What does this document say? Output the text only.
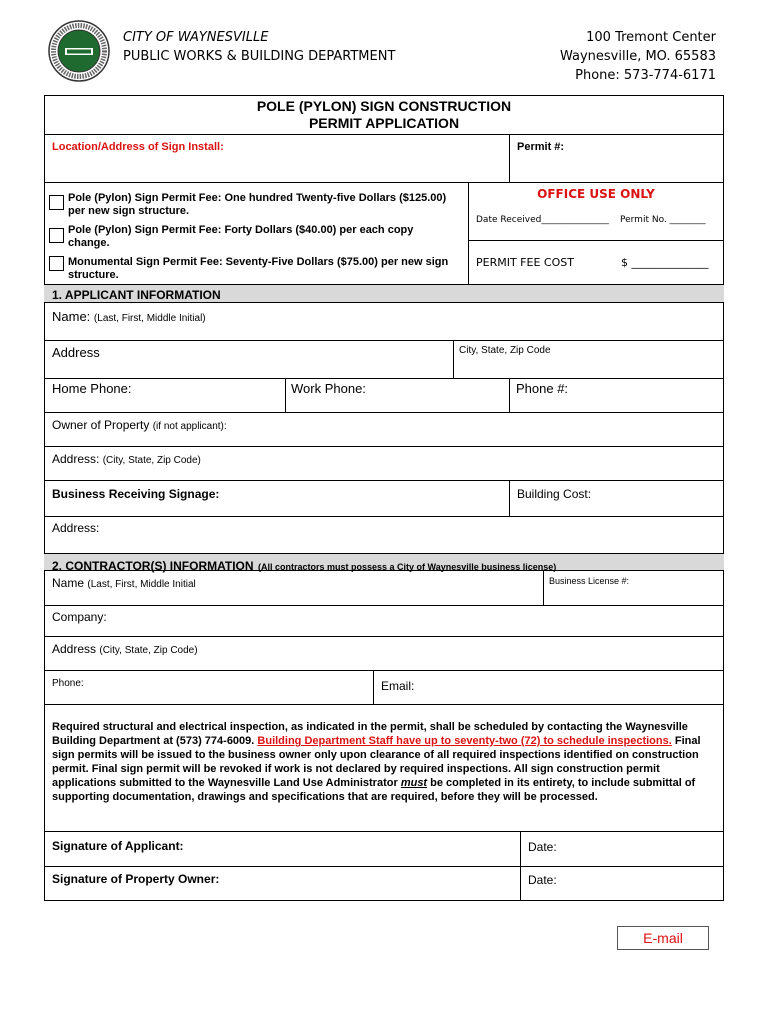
CITY OF WAYNESVILLE
PUBLIC WORKS & BUILDING DEPARTMENT
100 Tremont Center
Waynesville, MO. 65583
Phone: 573-774-6171
POLE (PYLON) SIGN CONSTRUCTION
PERMIT APPLICATION
Location/Address of Sign Install:	Permit #:
Pole (Pylon) Sign Permit Fee: One hundred Twenty-five Dollars ($125.00)
per new sign structure.
Pole (Pylon) Sign Permit Fee: Forty Dollars ($40.00) per each copy
change.
Monumental Sign Permit Fee: Seventy-Five Dollars ($75.00) per new sign
structure.
OFFICE USE ONLY
Date Received_______________ Permit No. ________
PERMIT FEE COST	$ ______________
1. APPLICANT INFORMATION
Name: (Last, First, Middle Initial)
Address	City, State, Zip Code
Home Phone:	Work Phone:	Phone #:
Owner of Property (if not applicant):
Address: (City, State, Zip Code)
Business Receiving Signage:	Building Cost:
Address:
2. CONTRACTOR(S) INFORMATION (All contractors must possess a City of Waynesville business license)
Name (Last, First, Middle Initial	Business License #:
Company:
Address (City, State, Zip Code)
Phone:	Email:
Required structural and electrical inspection, as indicated in the permit, shall be scheduled by contacting the Waynesville Building Department at (573) 774-6009. Building Department Staff have up to seventy-two (72) to schedule inspections. Final sign permits will be issued to the business owner only upon clearance of all required inspections identified on construction permit. Final sign permit will be revoked if work is not declared by required inspections. All sign construction permit applications submitted to the Waynesville Land Use Administrator must be completed in its entirety, to include submittal of supporting documentation, drawings and specifications that are required, before they will be processed.
Signature of Applicant:	Date:
Signature of Property Owner:	Date:
E-mail
